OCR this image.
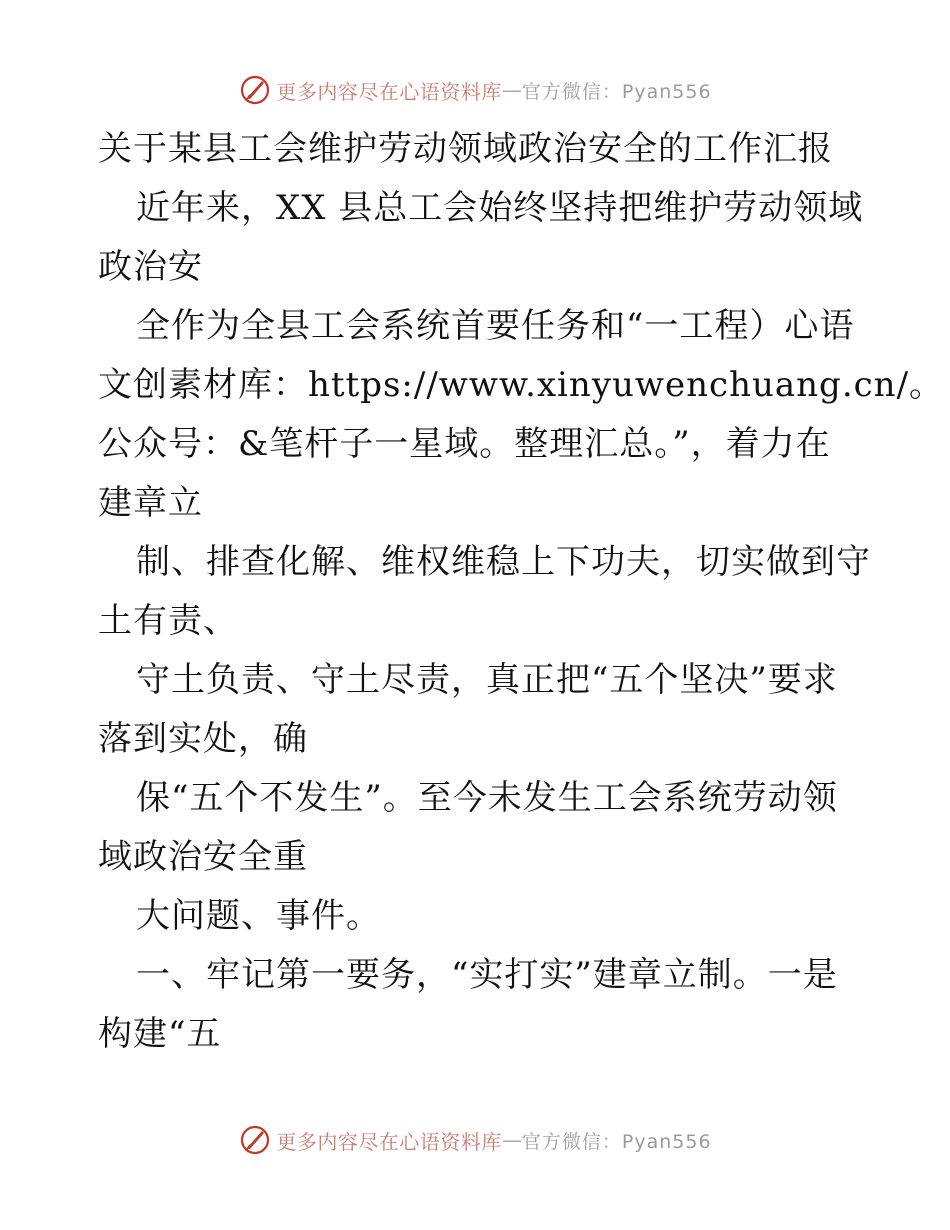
更多内容尽在心语资料库 — 官方微信：Pyan556
关于某县工会维护劳动领域政治安全的工作汇报
近年来，XX 县总工会始终坚持把维护劳动领域
政治安
全作为全县工会系统首要任务和“一工程）心语
文创素材库：https://www.xinyuwenchuang.cn/。
公众号：&笔杆子一星域。整理汇总。”，着力在
建章立
制、排查化解、维权维稳上下功夫，切实做到守
土有责、
守土负责、守土尽责，真正把“五个坚决”要求
落到实处，确
保“五个不发生”。至今未发生工会系统劳动领
域政治安全重
大问题、事件。
一、牢记第一要务，“实打实”建章立制。一是
构建“五
更多内容尽在心语资料库 — 官方微信：Pyan556
